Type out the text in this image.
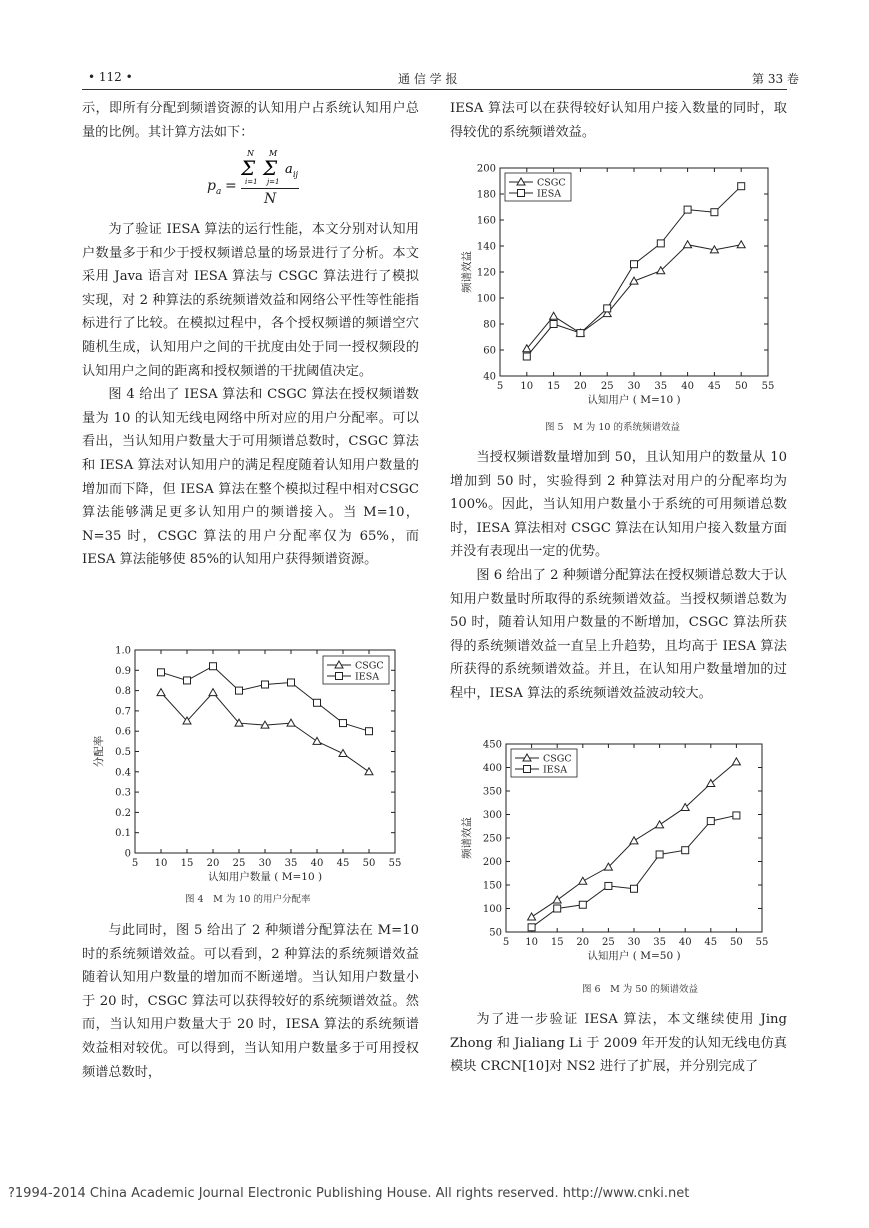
• 112 •	通 信 学 报	第 33 卷

示，即所有分配到频谱资源的认知用户占系统认知用户总量的比例。其计算方法如下：

N
Σ
i=1
M
Σ
j=1
a ij
$p_a$ =
N

为了验证 IESA 算法的运行性能，本文分别对认知用户数量多于和少于授权频谱总量的场景进行了分析。本文采用 Java 语言对 IESA 算法与 CSGC 算法进行了模拟实现，对 2 种算法的系统频谱效益和网络公平性等性能指标进行了比较。在模拟过程中，各个授权频谱的频谱空穴随机生成，认知用户之间的干扰度由处于同一授权频段的认知用户之间的距离和授权频谱的干扰阈值决定。

图 4 给出了 IESA 算法和 CSGC 算法在授权频谱数量为 10 的认知无线电网络中所对应的用户分配率。可以看出，当认知用户数量大于可用频谱总数时，CSGC 算法和 IESA 算法对认知用户的满足程度随着认知用户数量的增加而下降，但 IESA 算法在整个模拟过程中相对CSGC算法能够满足更多认知用户的频谱接入。当 M=10，N=35 时，CSGC 算法的用户分配率仅为 65%，而 IESA 算法能够使 85%的认知用户获得频谱资源。

5 10 15 20 25 30 35 40 45 50 55
0
0.1
0.2
0.3
0.4
0.5
0.6
0.7
0.8
0.9
1.0
认知用户数量 ( M=10 )
分配率
CSGC
IESA
图 4　M 为 10 的用户分配率

与此同时，图 5 给出了 2 种频谱分配算法在 M=10 时的系统频谱效益。可以看到，2 种算法的系统频谱效益随着认知用户数量的增加而不断递增。当认知用户数量小于 20 时，CSGC 算法可以获得较好的系统频谱效益。然而，当认知用户数量大于 20 时，IESA 算法的系统频谱效益相对较优。可以得到，当认知用户数量多于可用授权频谱总数时，

IESA 算法可以在获得较好认知用户接入数量的同时，取得较优的系统频谱效益。

5 10 15 20 25 30 35 40 45 50 55
40
60
80
100
120
140
160
180
200
认知用户 ( M=10 )
频谱效益
CSGC
IESA
图 5　M 为 10 的系统频谱效益

当授权频谱数量增加到 50，且认知用户的数量从 10 增加到 50 时，实验得到 2 种算法对用户的分配率均为 100%。因此，当认知用户数量小于系统的可用频谱总数时，IESA 算法相对 CSGC 算法在认知用户接入数量方面并没有表现出一定的优势。

图 6 给出了 2 种频谱分配算法在授权频谱总数大于认知用户数量时所取得的系统频谱效益。当授权频谱总数为 50 时，随着认知用户数量的不断增加，CSGC 算法所获得的系统频谱效益一直呈上升趋势，且均高于 IESA 算法所获得的系统频谱效益。并且，在认知用户数量增加的过程中，IESA 算法的系统频谱效益波动较大。

5 10 15 20 25 30 35 40 45 50 55
50
100
150
200
250
300
350
400
450
认知用户 ( M=50 )
频谱效益
CSGC
IESA
图 6　M 为 50 的频谱效益

为了进一步验证 IESA 算法，本文继续使用 Jing Zhong 和 Jialiang Li 于 2009 年开发的认知无线电仿真模块 CRCN[10]对 NS2 进行了扩展，并分别完成了

?1994-2014 China Academic Journal Electronic Publishing House. All rights reserved. http://www.cnki.net
